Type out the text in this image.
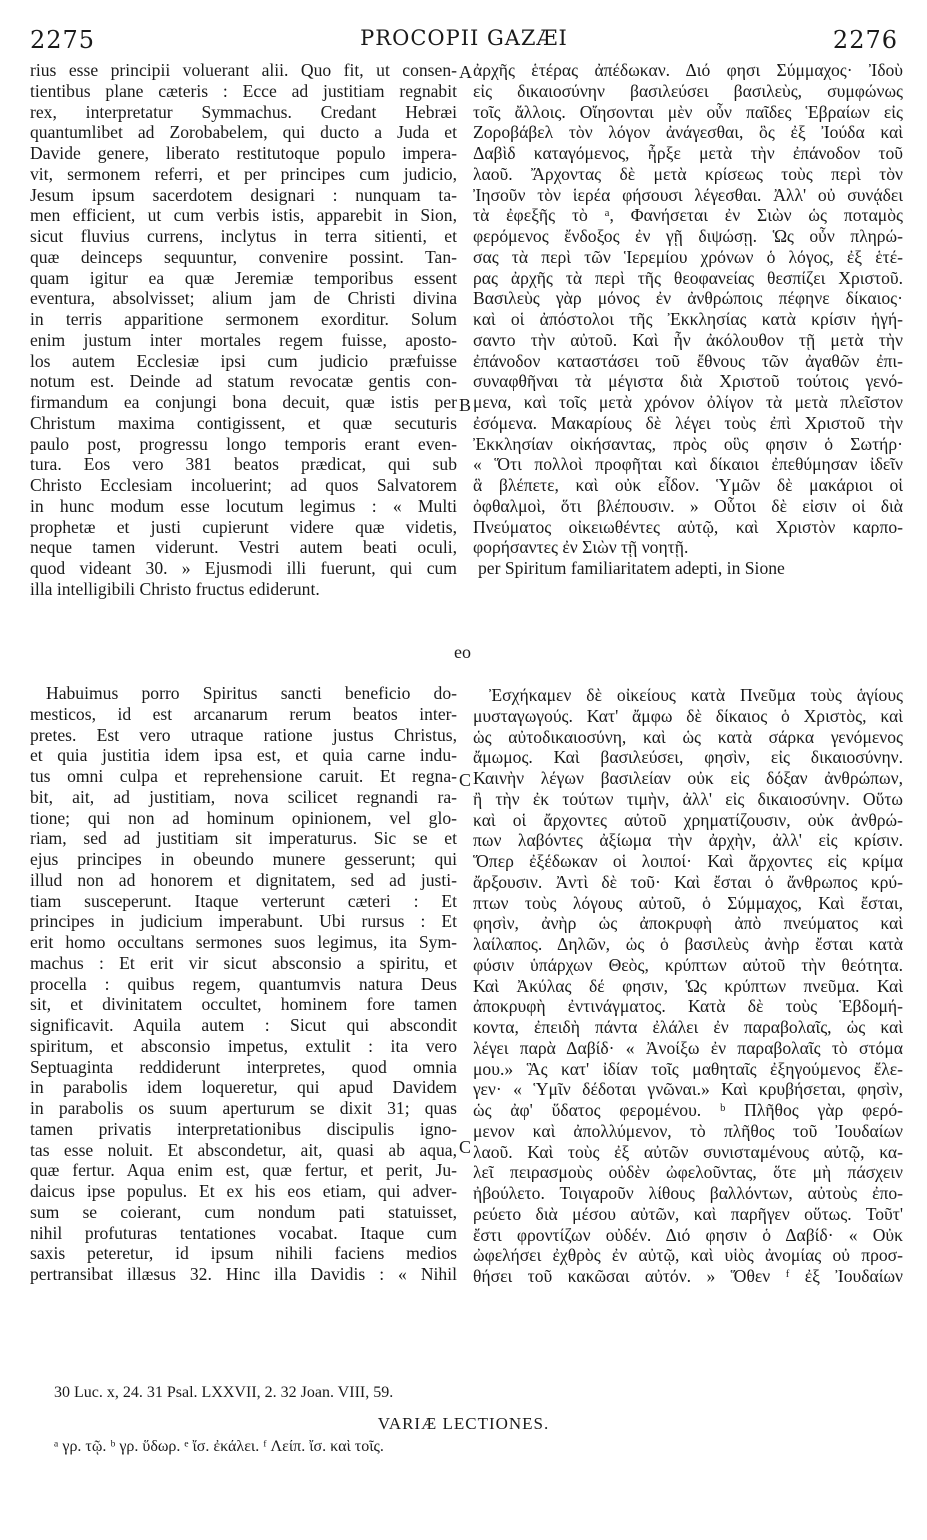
2275	PROCOPII GAZÆI	2276
rius esse principii voluerant alii. Quo fit, ut consen-
tientibus plane cæteris : Ecce ad justitiam regnabit
rex, interpretatur Symmachus. Credant Hebræi
quantumlibet ad Zorobabelem, qui ducto a Juda et
Davide genere, liberato restitutoque populo impera-
vit, sermonem referri, et per principes cum judicio,
Jesum ipsum sacerdotem designari : nunquam ta-
men efficient, ut cum verbis istis, apparebit in Sion,
sicut fluvius currens, inclytus in terra sitienti, et
quæ deinceps sequuntur, convenire possint. Tan-
quam igitur ea quæ Jeremiæ temporibus essent
eventura, absolvisset; alium jam de Christi divina
in terris apparitione sermonem exorditur. Solum
enim justum inter mortales regem fuisse, aposto-
los autem Ecclesiæ ipsi cum judicio præfuisse
notum est. Deinde ad statum revocatæ gentis con-
firmandum ea conjungi bona decuit, quæ istis per
Christum maxima contigissent, et quæ secuturis
paulo post, progressu longo temporis erant even-
tura. Eos vero 381 beatos prædicat, qui sub
Christo Ecclesiam incoluerint; ad quos Salvatorem
in hunc modum esse locutum legimus : « Multi
prophetæ et justi cupierunt videre quæ videtis,
neque tamen viderunt. Vestri autem beati oculi,
quod videant 30. » Ejusmodi illi fuerunt, qui cum
illa intelligibili Christo fructus ediderunt.
ἀρχῆς ἑτέρας ἀπέδωκαν. Διό φησι Σύμμαχος· Ἰδοὺ
εἰς δικαιοσύνην βασιλεύσει βασιλεὺς, συμφώνως
τοῖς ἄλλοις. Οἴησονται μὲν οὖν παῖδες Ἑβραίων εἰς
Ζοροβάβελ τὸν λόγον ἀνάγεσθαι, ὃς ἐξ Ἰούδα καὶ
Δαβὶδ καταγόμενος, ἦρξε μετὰ τὴν ἐπάνοδον τοῦ
λαοῦ. Ἄρχοντας δὲ μετὰ κρίσεως τοὺς περὶ τὸν
Ἰησοῦν τὸν ἱερέα φήσουσι λέγεσθαι. Ἀλλ' οὐ συνᾴδει
τὰ ἐφεξῆς τὸ ᵃ, Φανήσεται ἐν Σιὼν ὡς ποταμὸς
φερόμενος ἔνδοξος ἐν γῇ διψώσῃ. Ὡς οὖν πληρώ-
σας τὰ περὶ τῶν Ἱερεμίου χρόνων ὁ λόγος, ἐξ ἑτέ-
ρας ἀρχῆς τὰ περὶ τῆς θεοφανείας θεσπίζει Χριστοῦ.
Βασιλεὺς γὰρ μόνος ἐν ἀνθρώποις πέφηνε δίκαιος·
καὶ οἱ ἀπόστολοι τῆς Ἐκκλησίας κατὰ κρίσιν ἡγή-
σαντο τὴν αὐτοῦ. Καὶ ἦν ἀκόλουθον τῇ μετὰ τὴν
ἐπάνοδον καταστάσει τοῦ ἔθνους τῶν ἀγαθῶν ἐπι-
συναφθῆναι τὰ μέγιστα διὰ Χριστοῦ τούτοις γενό-
μενα, καὶ τοῖς μετὰ χρόνον ὀλίγον τὰ μετὰ πλεῖστον
ἐσόμενα. Μακαρίους δὲ λέγει τοὺς ἐπὶ Χριστοῦ τὴν
Ἐκκλησίαν οἰκήσαντας, πρὸς οὓς φησιν ὁ Σωτήρ·
« Ὅτι πολλοὶ προφῆται καὶ δίκαιοι ἐπεθύμησαν ἰδεῖν
ἃ βλέπετε, καὶ οὐκ εἶδον. Ὑμῶν δὲ μακάριοι οἱ
ὀφθαλμοὶ, ὅτι βλέπουσιν. » Οὗτοι δὲ εἰσιν οἱ διὰ
Πνεύματος οἰκειωθέντες αὐτῷ, καὶ Χριστὸν καρπο-
φορήσαντες ἐν Σιὼν τῇ νοητῇ.
per Spiritum familiaritatem adepti, in Sione
Habuimus porro Spiritus sancti beneficio do-
mesticos, id est arcanarum rerum beatos inter-
pretes. Est vero utraque ratione justus Christus,
et quia justitia idem ipsa est, et quia carne indu-
tus omni culpa et reprehensione caruit. Et regna-
bit, ait, ad justitiam, nova scilicet regnandi ra-
tione; qui non ad hominum opinionem, vel glo-
riam, sed ad justitiam sit imperaturus. Sic se et
ejus principes in obeundo munere gesserunt; qui
illud non ad honorem et dignitatem, sed ad justi-
tiam susceperunt. Itaque verterunt cæteri : Et
principes in judicium imperabunt. Ubi rursus : Et
erit homo occultans sermones suos legimus, ita Sym-
machus : Et erit vir sicut absconsio a spiritu, et
procella : quibus regem, quantumvis natura Deus
sit, et divinitatem occultet, hominem fore tamen
significavit. Aquila autem : Sicut qui abscondit
spiritum, et absconsio impetus, extulit : ita vero
Septuaginta reddiderunt interpretes, quod omnia
in parabolis idem loqueretur, qui apud Davidem
in parabolis os suum aperturum se dixit 31; quas
tamen privatis interpretationibus discipulis igno-
tas esse noluit. Et abscondetur, ait, quasi ab aqua,
quæ fertur. Aqua enim est, quæ fertur, et perit, Ju-
daicus ipse populus. Et ex his eos etiam, qui adver-
sum se coierant, cum nondum pati statuisset,
nihil profuturas tentationes vocabat. Itaque cum
saxis peteretur, id ipsum nihili faciens medios
pertransibat illæsus 32. Hinc illa Davidis : « Nihil
Ἐσχήκαμεν δὲ οἰκείους κατὰ Πνεῦμα τοὺς ἁγίους
μυσταγωγούς. Κατ' ἄμφω δὲ δίκαιος ὁ Χριστὸς, καὶ
ὡς αὐτοδικαιοσύνη, καὶ ὡς κατὰ σάρκα γενόμενος
ἄμωμος. Καὶ βασιλεύσει, φησὶν, εἰς δικαιοσύνην.
Καινὴν λέγων βασιλείαν οὐκ εἰς δόξαν ἀνθρώπων,
ἢ τὴν ἐκ τούτων τιμὴν, ἀλλ' εἰς δικαιοσύνην. Οὕτω
καὶ οἱ ἄρχοντες αὐτοῦ χρηματίζουσιν, οὐκ ἀνθρώ-
πων λαβόντες ἀξίωμα τὴν ἀρχὴν, ἀλλ' εἰς κρίσιν.
Ὅπερ ἐξέδωκαν οἱ λοιποί· Καὶ ἄρχοντες εἰς κρίμα
ἄρξουσιν. Ἀντὶ δὲ τοῦ· Καὶ ἔσται ὁ ἄνθρωπος κρύ-
πτων τοὺς λόγους αὐτοῦ, ὁ Σύμμαχος, Καὶ ἔσται,
φησὶν, ἀνὴρ ὡς ἀποκρυφὴ ἀπὸ πνεύματος καὶ
λαίλαπος. Δηλῶν, ὡς ὁ βασιλεὺς ἀνὴρ ἔσται κατὰ
φύσιν ὑπάρχων Θεὸς, κρύπτων αὐτοῦ τὴν θεότητα.
Καὶ Ἀκύλας δέ φησιν, Ὡς κρύπτων πνεῦμα. Καὶ
ἀποκρυφὴ ἐντινάγματος. Κατὰ δὲ τοὺς Ἑβδομή-
κοντα, ἐπειδὴ πάντα ἐλάλει ἐν παραβολαῖς, ὡς καὶ
λέγει παρὰ Δαβίδ· « Ἀνοίξω ἐν παραβολαῖς τὸ στόμα
μου.» Ἃς κατ' ἰδίαν τοῖς μαθηταῖς ἐξηγούμενος ἔλε-
γεν· « Ὑμῖν δέδοται γνῶναι.» Καὶ κρυβήσεται, φησὶν,
ὡς ἀφ' ὕδατος φερομένου. ᵇ Πλῆθος γὰρ φερό-
μενον καὶ ἀπολλύμενον, τὸ πλῆθος τοῦ Ἰουδαίων
λαοῦ. Καὶ τοὺς ἐξ αὐτῶν συνισταμένους αὐτῷ, κα-
λεῖ πειρασμοὺς οὐδὲν ὠφελοῦντας, ὅτε μὴ πάσχειν
ἠβούλετο. Τοιγαροῦν λίθους βαλλόντων, αὐτοὺς ἐπο-
ρεύετο διὰ μέσου αὐτῶν, καὶ παρῆγεν οὕτως. Τοῦτ'
ἔστι φροντίζων οὐδέν. Διό φησιν ὁ Δαβίδ· « Οὐκ
ὠφελήσει ἐχθρὸς ἐν αὐτῷ, καὶ υἱὸς ἀνομίας οὐ προσ-
θήσει τοῦ κακῶσαι αὐτόν. » Ὅθεν ᶠ ἐξ Ἰουδαίων
A
B
C
C
eo
30 Luc. x, 24. 31 Psal. LXXVII, 2. 32 Joan. VIII, 59.
VARIÆ LECTIONES.
ᵃ γρ. τῷ. ᵇ γρ. ὕδωρ. ᵉ ἴσ. ἐκάλει. ᶠ Λείπ. ἴσ. καὶ τοῖς.
